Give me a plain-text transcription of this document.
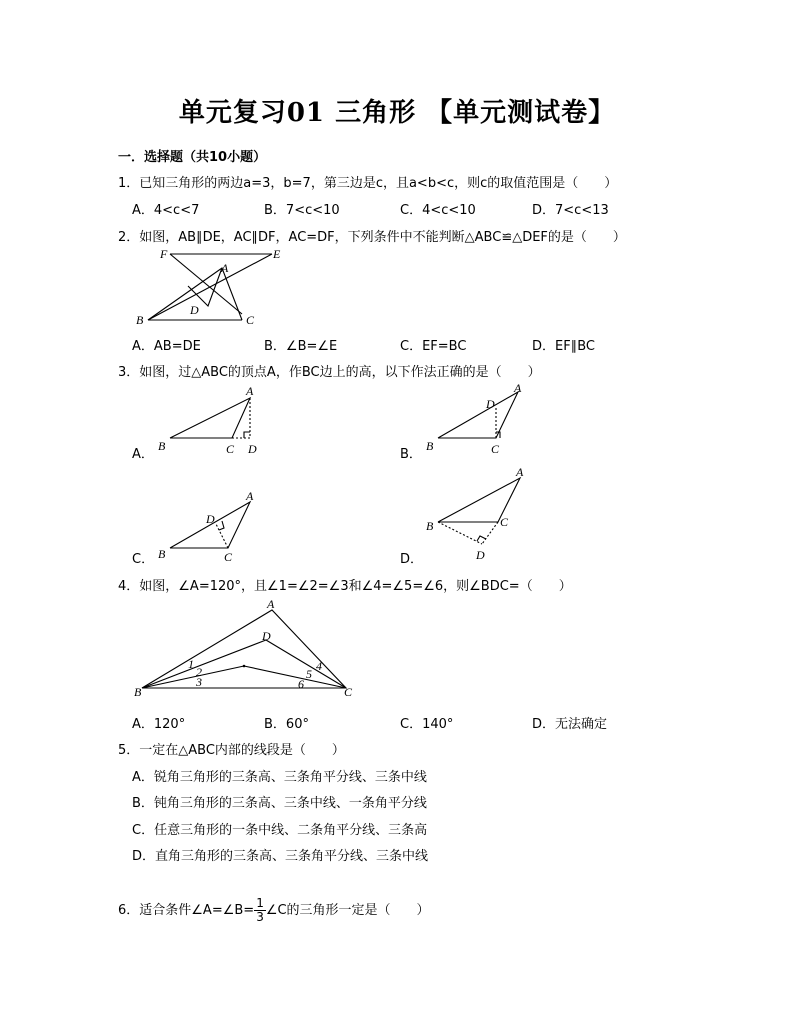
单元复习01 三角形 【单元测试卷】
一．选择题（共10小题）
1．已知三角形的两边a=3，b=7，第三边是c，且a<b<c，则c的取值范围是（　　）
A．4<c<7	B．7<c<10	C．4<c<10	D．7<c<13
2．如图，AB∥DE，AC∥DF，AC=DF，下列条件中不能判断△ABC≌△DEF的是（　　）
F	E
A
D
B	C
A．AB=DE	B．∠B=∠E	C．EF=BC	D．EF∥BC
3．如图，过△ABC的顶点A，作BC边上的高，以下作法正确的是（　　）
A．
A
B	C D	B．
A
D
B	C
C．
A
D
B	C	D．
A
B	C
D
4．如图，∠A=120°，且∠1=∠2=∠3和∠4=∠5=∠6，则∠BDC=（　　）
A
D
B	C
1
2
3
4
5
6
A．120°	B．60°	C．140°	D．无法确定
5．一定在△ABC内部的线段是（　　）
A．锐角三角形的三条高、三条角平分线、三条中线
B．钝角三角形的三条高、三条中线、一条角平分线
C．任意三角形的一条中线、二条角平分线、三条高
D．直角三角形的三条高、三条角平分线、三条中线
6．适合条件∠A=∠B= $\frac{1}{3}$ ∠C的三角形一定是（　　）
